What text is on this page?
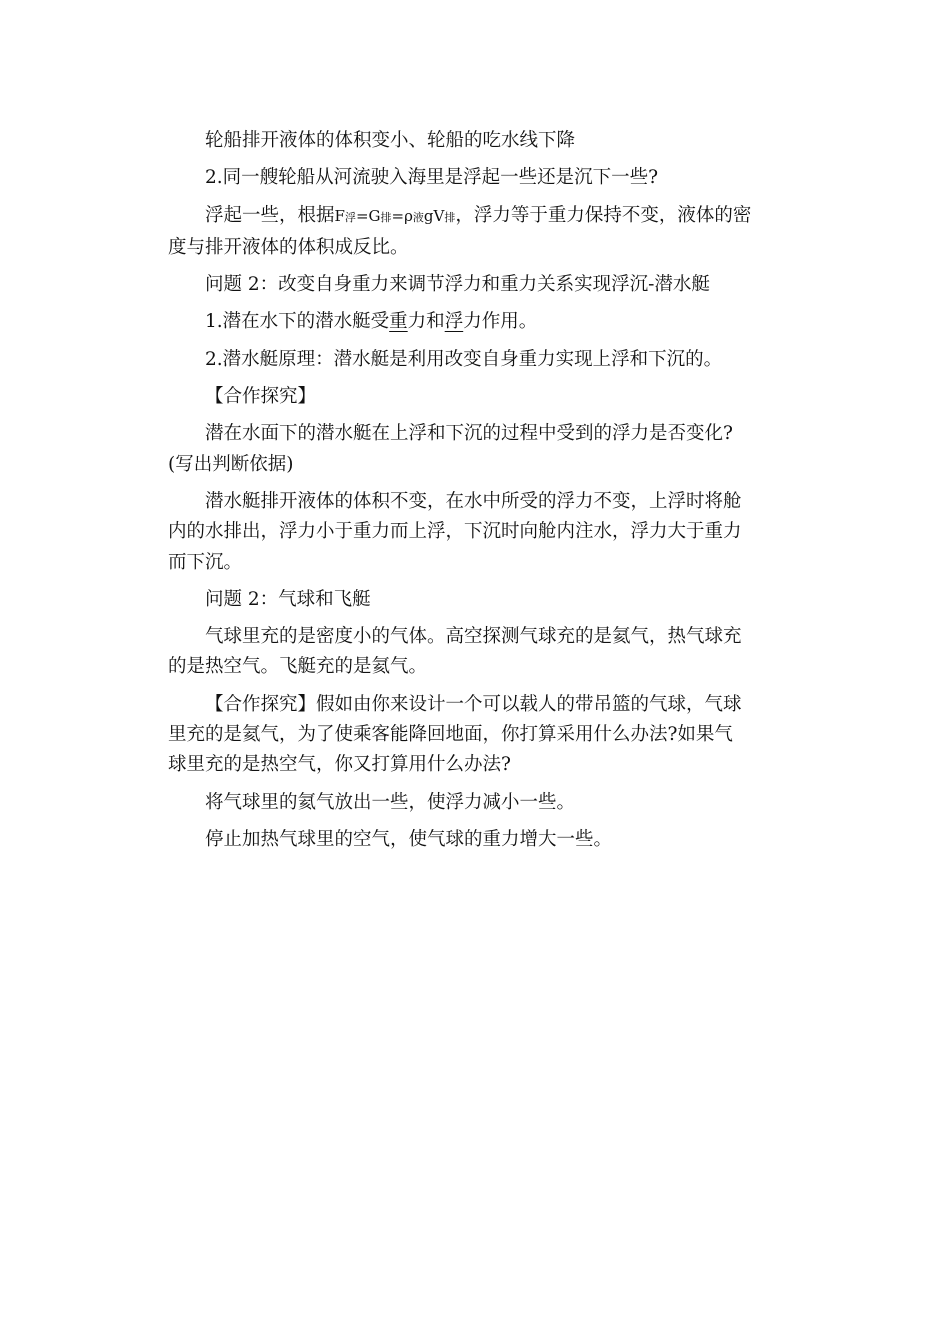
轮船排开液体的体积变小、轮船的吃水线下降

2.同一艘轮船从河流驶入海里是浮起一些还是沉下一些?

浮起一些，根据F浮=G排=ρ液gV排，浮力等于重力保持不变，液体的密

度与排开液体的体积成反比。

问题 2：改变自身重力来调节浮力和重力关系实现浮沉-潜水艇

1.潜在水下的潜水艇受重力和浮力作用。

2.潜水艇原理：潜水艇是利用改变自身重力实现上浮和下沉的。

【合作探究】

潜在水面下的潜水艇在上浮和下沉的过程中受到的浮力是否变化?

(写出判断依据)

潜水艇排开液体的体积不变，在水中所受的浮力不变，上浮时将舱

内的水排出，浮力小于重力而上浮，下沉时向舱内注水，浮力大于重力

而下沉。

问题 2：气球和飞艇

气球里充的是密度小的气体。高空探测气球充的是氦气，热气球充

的是热空气。飞艇充的是氦气。

【合作探究】假如由你来设计一个可以载人的带吊篮的气球，气球

里充的是氦气，为了使乘客能降回地面，你打算采用什么办法?如果气

球里充的是热空气，你又打算用什么办法?

将气球里的氦气放出一些，使浮力减小一些。

停止加热气球里的空气，使气球的重力增大一些。
